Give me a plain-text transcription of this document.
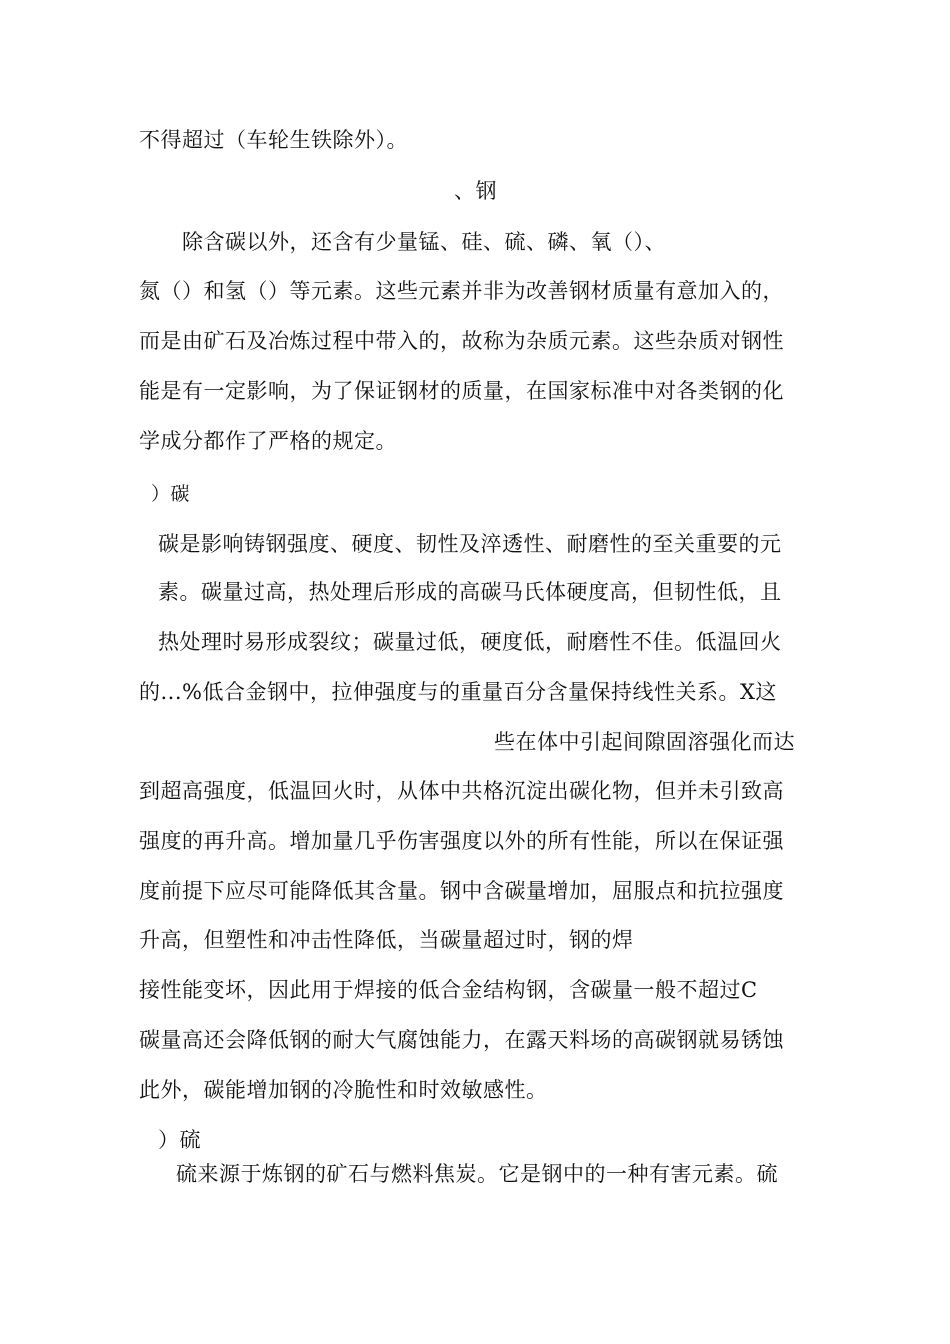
不得超过（车轮生铁除外）。
、钢
除含碳以外，还含有少量锰、硅、硫、磷、氧（）、
氮（）和氢（）等元素。这些元素并非为改善钢材质量有意加入的，
而是由矿石及冶炼过程中带入的，故称为杂质元素。这些杂质对钢性
能是有一定影响，为了保证钢材的质量，在国家标准中对各类钢的化
学成分都作了严格的规定。
）碳
碳是影响铸钢强度、硬度、韧性及淬透性、耐磨性的至关重要的元
素。碳量过高，热处理后形成的高碳马氏体硬度高，但韧性低，且
热处理时易形成裂纹；碳量过低，硬度低，耐磨性不佳。低温回火
的...%低合金钢中，拉伸强度与的重量百分含量保持线性关系。X这
些在体中引起间隙固溶强化而达
到超高强度，低温回火时，从体中共格沉淀出碳化物，但并未引致高
强度的再升高。增加量几乎伤害强度以外的所有性能，所以在保证强
度前提下应尽可能降低其含量。钢中含碳量增加，屈服点和抗拉强度
升高，但塑性和冲击性降低，当碳量超过时，钢的焊
接性能变坏，因此用于焊接的低合金结构钢，含碳量一般不超过C
碳量高还会降低钢的耐大气腐蚀能力，在露天料场的高碳钢就易锈蚀
此外，碳能增加钢的冷脆性和时效敏感性。
）硫
硫来源于炼钢的矿石与燃料焦炭。它是钢中的一种有害元素。硫
